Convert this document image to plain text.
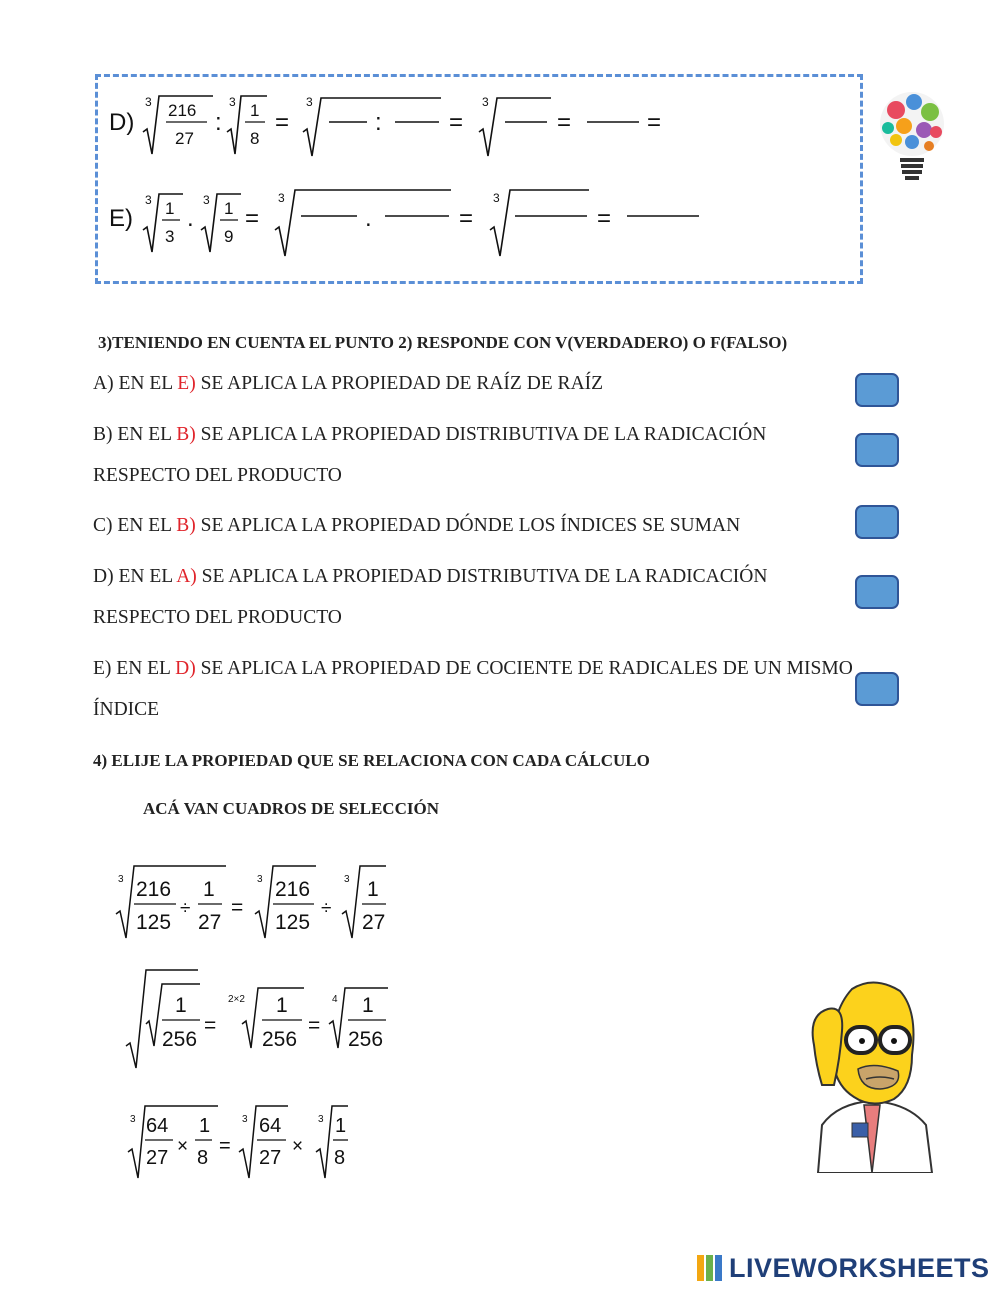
D)
3 216
27
:
3 1
8
=
3
:	=
3
=	=
E)
3 1
3
.
3 1
9
=
3
.	=
3
=
3)TENIENDO EN CUENTA EL PUNTO 2) RESPONDE CON V(VERDADERO) O F(FALSO)
A) EN EL E) SE APLICA LA PROPIEDAD DE RAÍZ DE RAÍZ
B) EN EL B) SE APLICA LA PROPIEDAD DISTRIBUTIVA DE LA RADICACIÓN RESPECTO DEL PRODUCTO
C) EN EL B) SE APLICA LA PROPIEDAD DÓNDE LOS ÍNDICES SE SUMAN
D) EN EL A) SE APLICA LA PROPIEDAD DISTRIBUTIVA DE LA RADICACIÓN RESPECTO DEL PRODUCTO
E) EN EL D) SE APLICA LA PROPIEDAD DE COCIENTE DE RADICALES DE UN MISMO ÍNDICE
4) ELIJE LA PROPIEDAD QUE SE RELACIONA CON CADA CÁLCULO
ACÁ VAN CUADROS DE SELECCIÓN
3 216
125
÷
1
27
=
3 216
125
÷
3 1
27
1
256
=
2×2 1
256
=
4 1
256
3 64
27
×
1
8
=
3 64
27
×
3 1
8
LIVEWORKSHEETS
